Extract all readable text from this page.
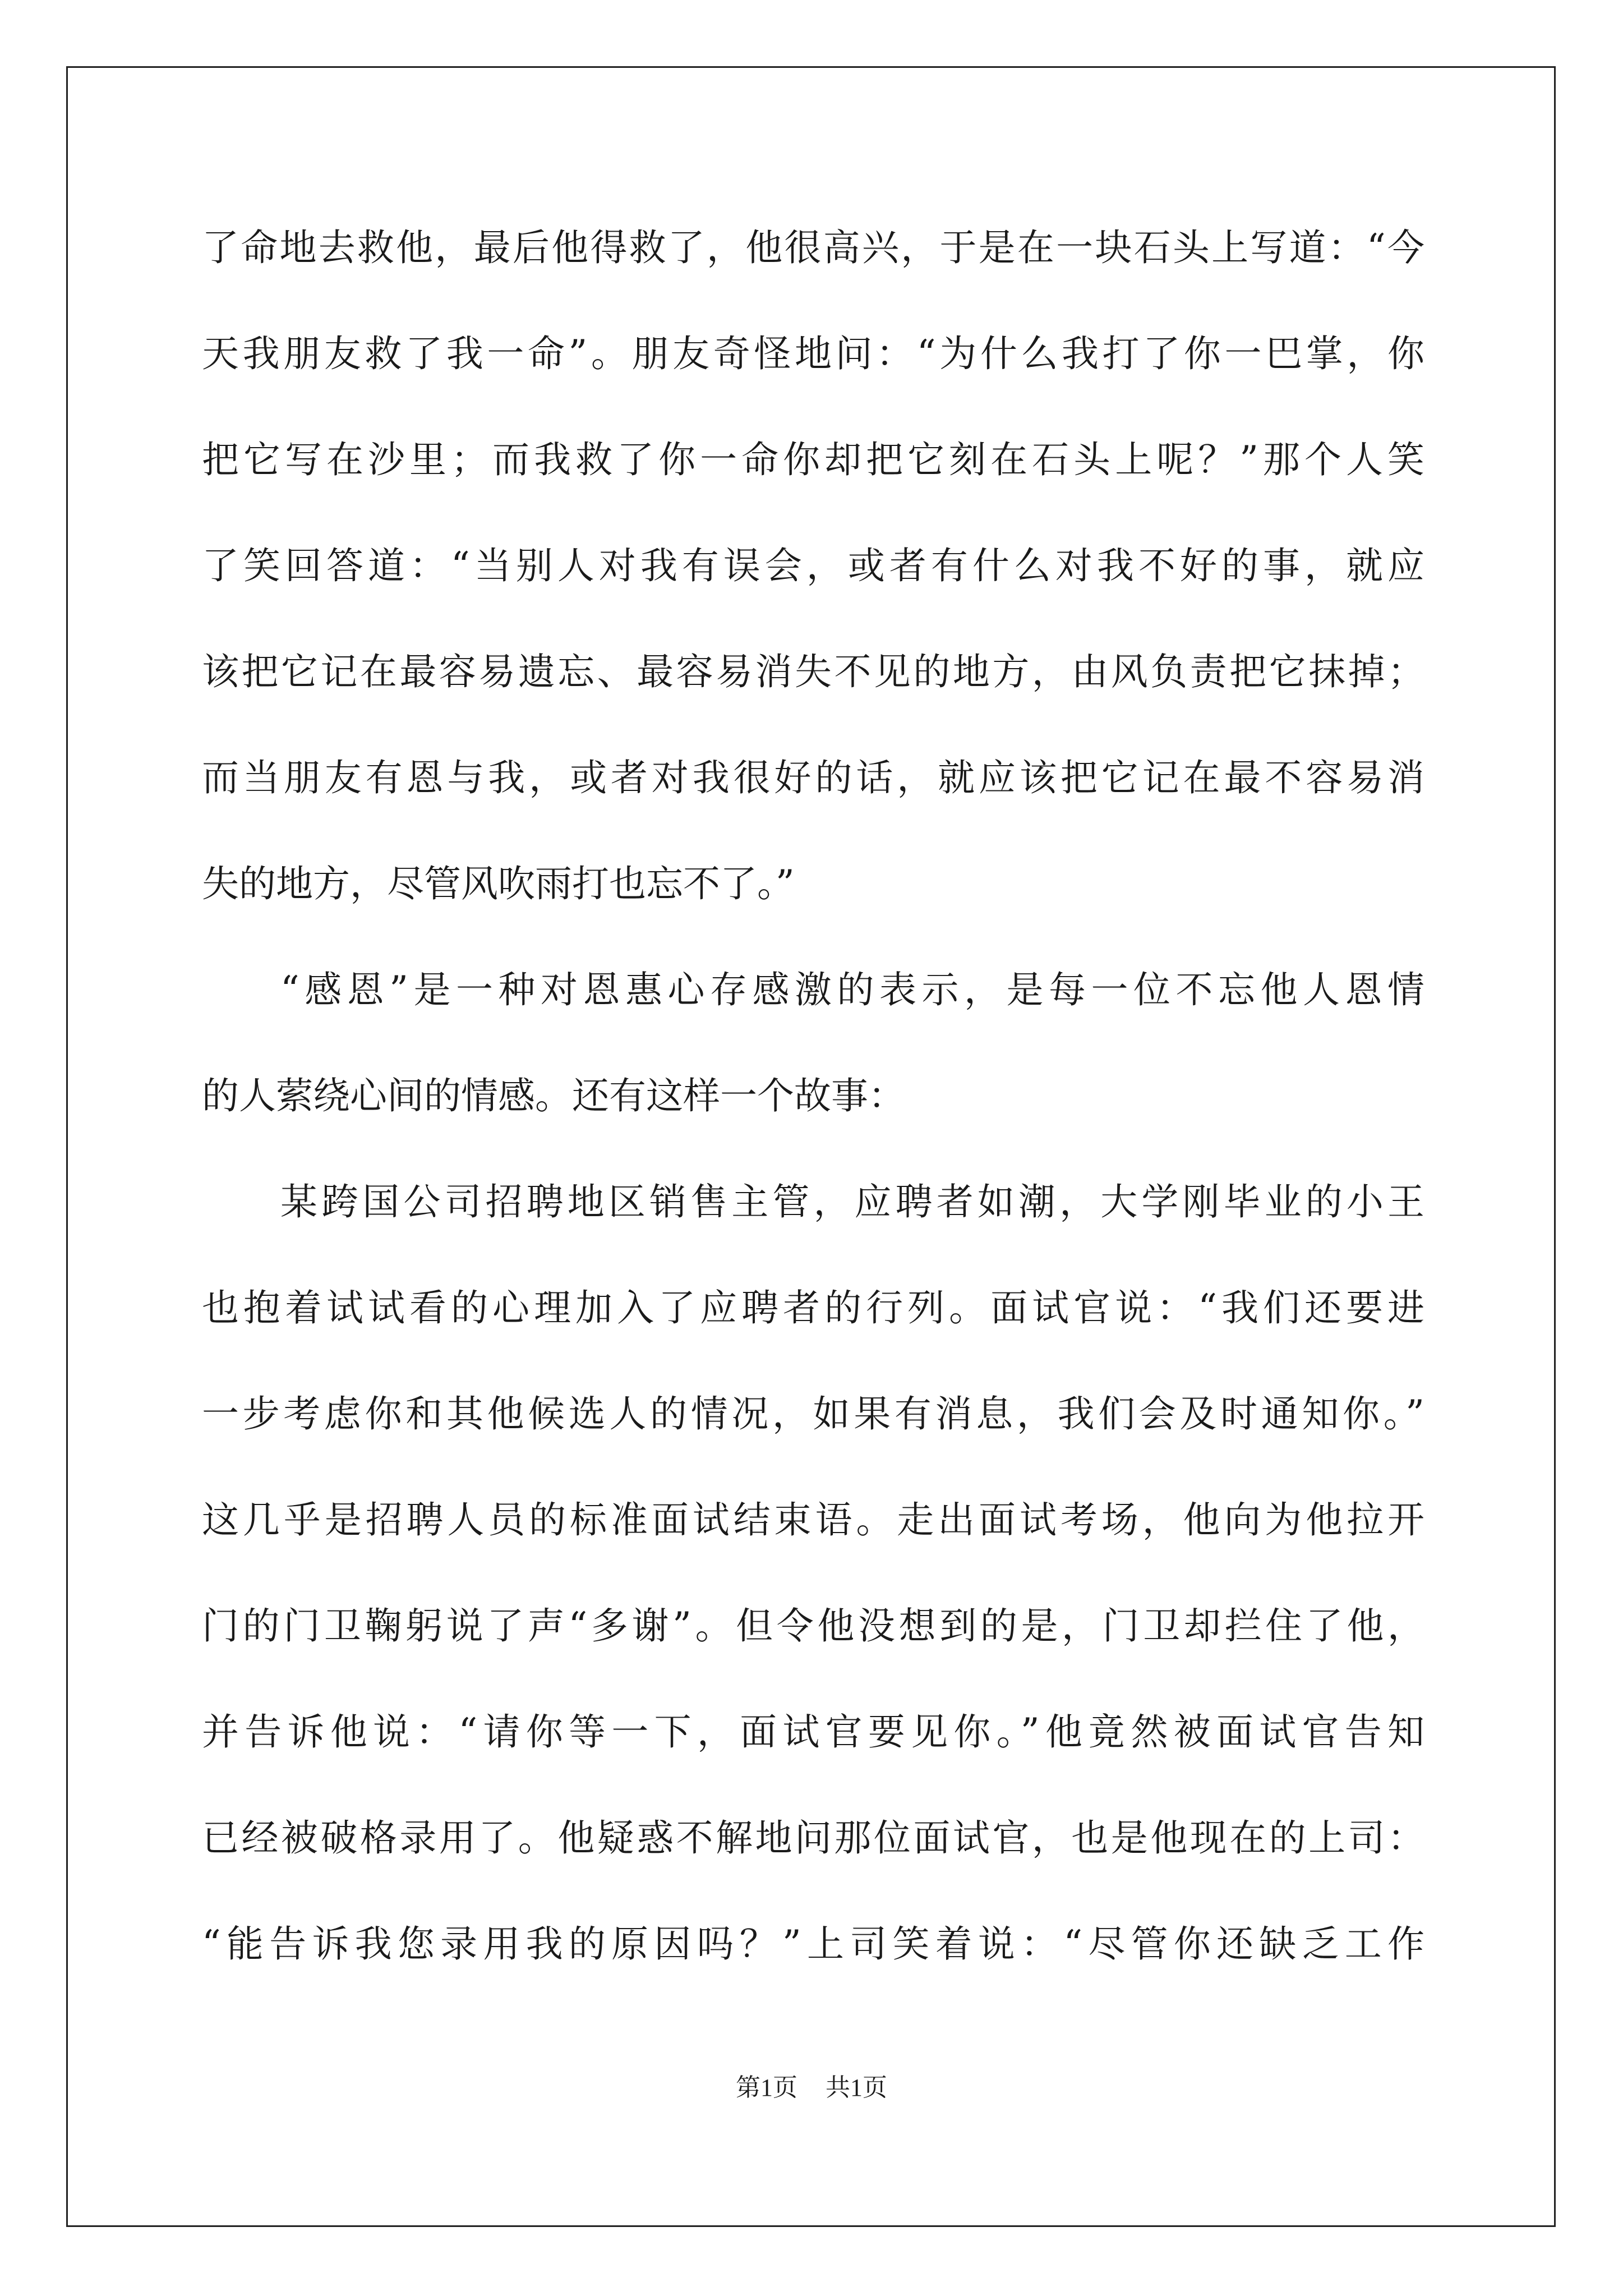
了命地去救他，最后他得救了，他很高兴，于是在一块石头上写道：“今
天我朋友救了我一命”。朋友奇怪地问：“为什么我打了你一巴掌，你
把它写在沙里；而我救了你一命你却把它刻在石头上呢？”那个人笑
了笑回答道：“当别人对我有误会，或者有什么对我不好的事，就应
该把它记在最容易遗忘、最容易消失不见的地方，由风负责把它抹掉；
而当朋友有恩与我，或者对我很好的话，就应该把它记在最不容易消
失的地方，尽管风吹雨打也忘不了。”
“感恩”是一种对恩惠心存感激的表示，是每一位不忘他人恩情
的人萦绕心间的情感。还有这样一个故事：
某跨国公司招聘地区销售主管，应聘者如潮，大学刚毕业的小王
也抱着试试看的心理加入了应聘者的行列。面试官说：“我们还要进
一步考虑你和其他候选人的情况，如果有消息，我们会及时通知你。”
这几乎是招聘人员的标准面试结束语。走出面试考场，他向为他拉开
门的门卫鞠躬说了声“多谢”。但令他没想到的是，门卫却拦住了他，
并告诉他说：“请你等一下，面试官要见你。”他竟然被面试官告知
已经被破格录用了。他疑惑不解地问那位面试官，也是他现在的上司：
“能告诉我您录用我的原因吗？”上司笑着说：“尽管你还缺乏工作
第1页 共1页
